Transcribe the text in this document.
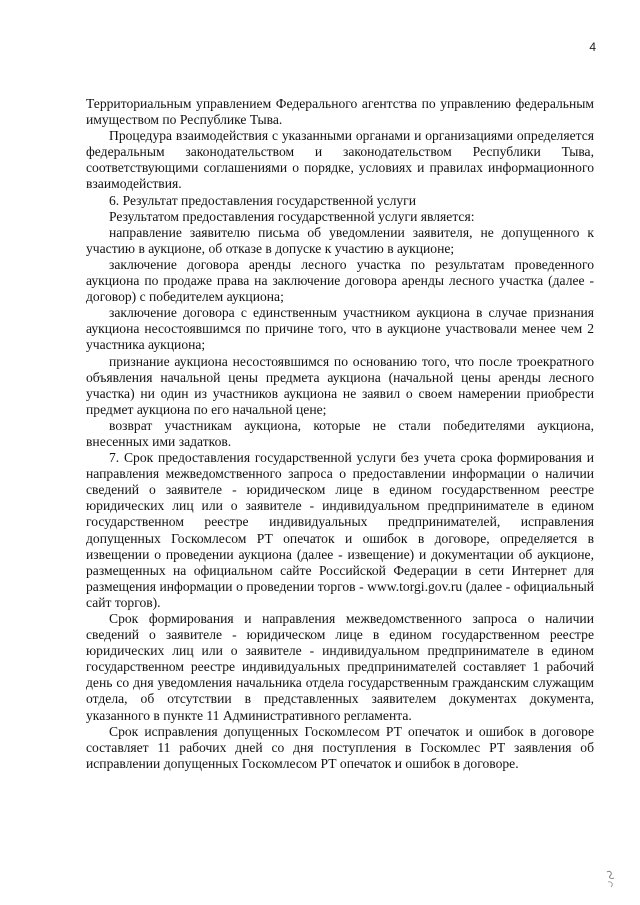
4

Территориальным управлением Федерального агентства по управлению федеральным имуществом по Республике Тыва.

Процедура взаимодействия с указанными органами и организациями определяется федеральным законодательством и законодательством Республики Тыва, соответствующими соглашениями о порядке, условиях и правилах информационного взаимодействия.

6. Результат предоставления государственной услуги

Результатом предоставления государственной услуги является:

направление заявителю письма об уведомлении заявителя, не допущенного к участию в аукционе, об отказе в допуске к участию в аукционе;

заключение договора аренды лесного участка по результатам проведенного аукциона по продаже права на заключение договора аренды лесного участка (далее - договор) с победителем аукциона;

заключение договора с единственным участником аукциона в случае признания аукциона несостоявшимся по причине того, что в аукционе участвовали менее чем 2 участника аукциона;

признание аукциона несостоявшимся по основанию того, что после троекратного объявления начальной цены предмета аукциона (начальной цены аренды лесного участка) ни один из участников аукциона не заявил о своем намерении приобрести предмет аукциона по его начальной цене;

возврат участникам аукциона, которые не стали победителями аукциона, внесенных ими задатков.

7. Срок предоставления государственной услуги без учета срока формирования и направления межведомственного запроса о предоставлении информации о наличии сведений о заявителе - юридическом лице в едином государственном реестре юридических лиц или о заявителе - индивидуальном предпринимателе в едином государственном реестре индивидуальных предпринимателей, исправления допущенных Госкомлесом РТ опечаток и ошибок в договоре, определяется в извещении о проведении аукциона (далее - извещение) и документации об аукционе, размещенных на официальном сайте Российской Федерации в сети Интернет для размещения информации о проведении торгов - www.torgi.gov.ru (далее - официальный сайт торгов).

Срок формирования и направления межведомственного запроса о наличии сведений о заявителе - юридическом лице в едином государственном реестре юридических лиц или о заявителе - индивидуальном предпринимателе в едином государственном реестре индивидуальных предпринимателей составляет 1 рабочий день со дня уведомления начальника отдела государственным гражданским служащим отдела, об отсутствии в представленных заявителем документах документа, указанного в пункте 11 Административного регламента.

Срок исправления допущенных Госкомлесом РТ опечаток и ошибок в договоре составляет 11 рабочих дней со дня поступления в Госкомлес РТ заявления об исправлении допущенных Госкомлесом РТ опечаток и ошибок в договоре.
